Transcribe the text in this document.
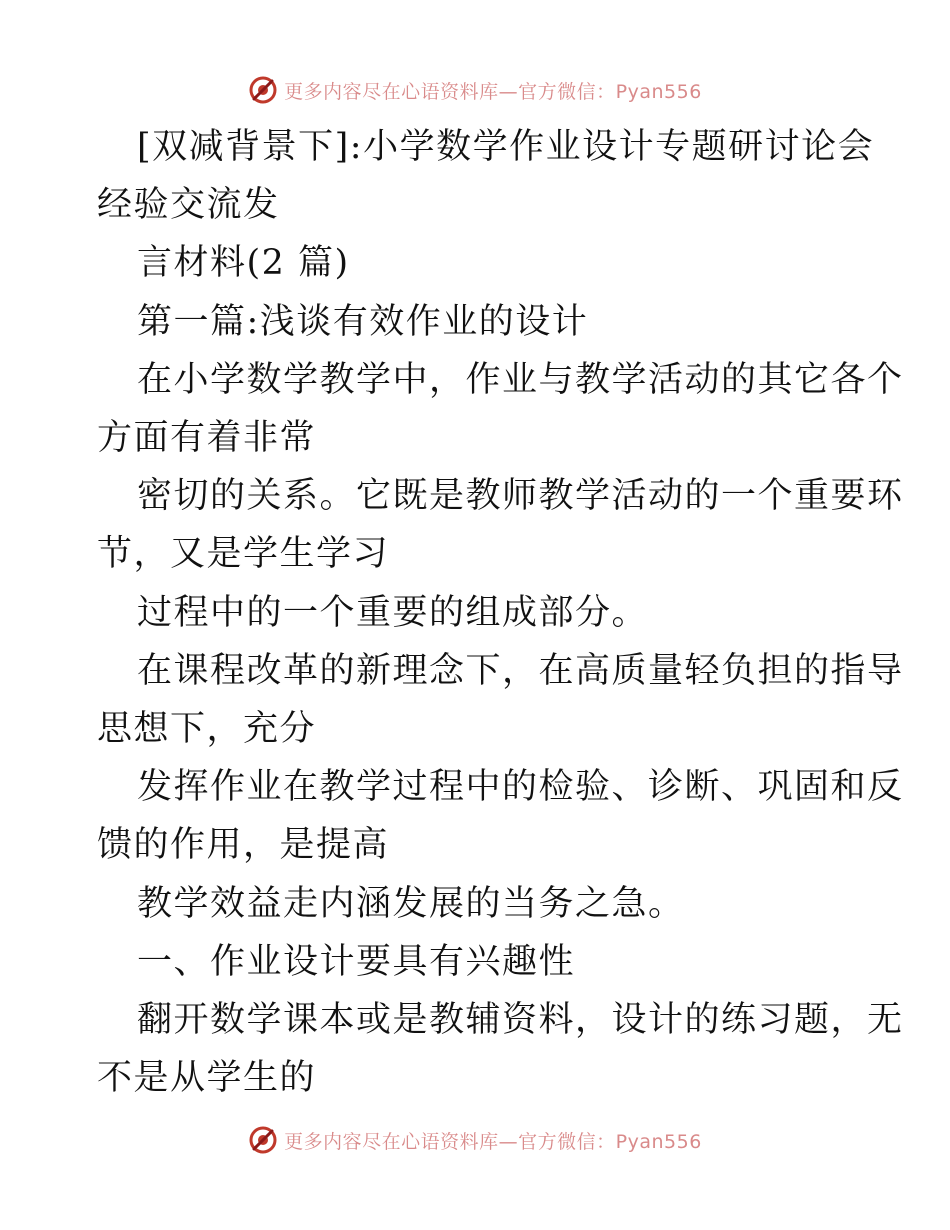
更多内容尽在心语资料库—官方微信：Pyan556
[双减背景下]:小学数学作业设计专题研讨论会
经验交流发
言材料(2 篇)
第一篇:浅谈有效作业的设计
在小学数学教学中，作业与教学活动的其它各个
方面有着非常
密切的关系。它既是教师教学活动的一个重要环
节，又是学生学习
过程中的一个重要的组成部分。
在课程改革的新理念下，在高质量轻负担的指导
思想下，充分
发挥作业在教学过程中的检验、诊断、巩固和反
馈的作用，是提高
教学效益走内涵发展的当务之急。
一、作业设计要具有兴趣性
翻开数学课本或是教辅资料，设计的练习题，无
不是从学生的
更多内容尽在心语资料库—官方微信：Pyan556
